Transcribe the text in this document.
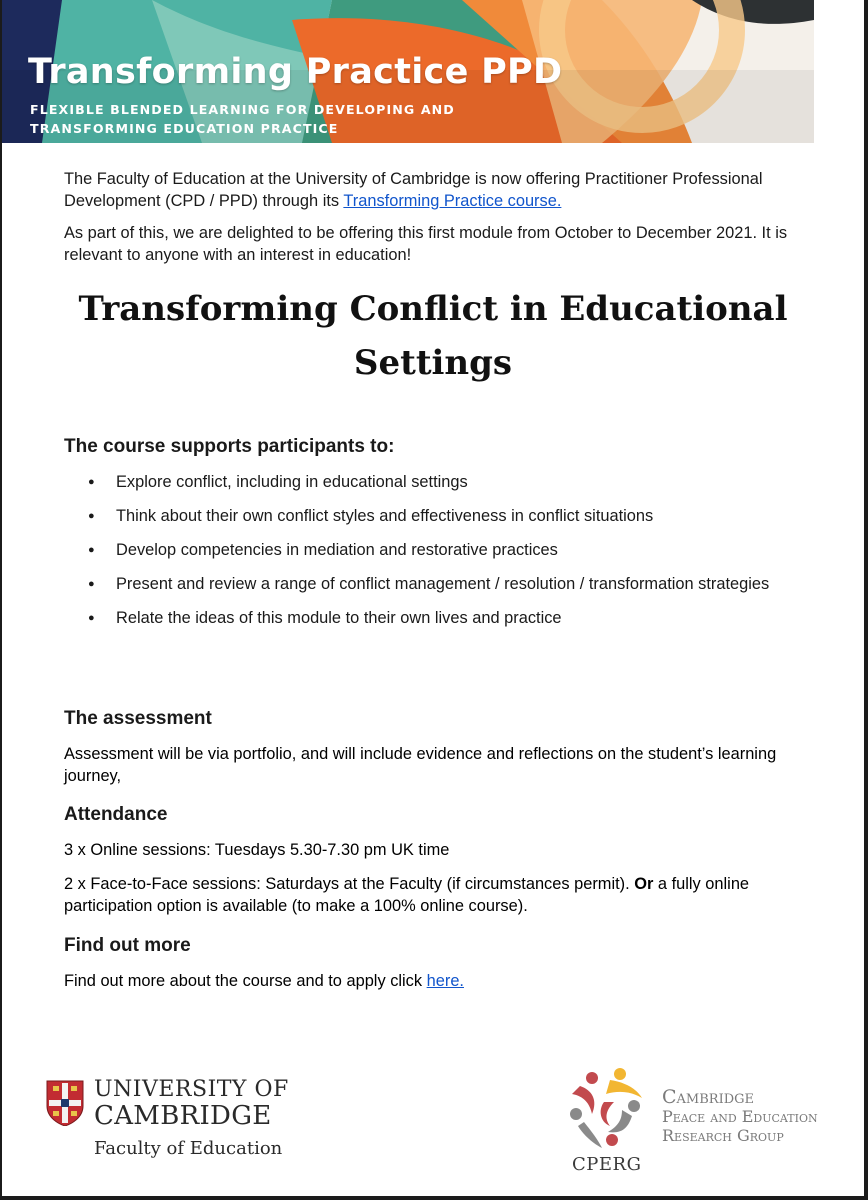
Transforming Practice PPD
FLEXIBLE BLENDED LEARNING FOR DEVELOPING AND
TRANSFORMING EDUCATION PRACTICE

The Faculty of Education at the University of Cambridge is now offering Practitioner Professional Development (CPD / PPD) through its Transforming Practice course.

As part of this, we are delighted to be offering this first module from October to December 2021. It is relevant to anyone with an interest in education!

Transforming Conflict in Educational
Settings
The course supports participants to:
● Explore conflict, including in educational settings
● Think about their own conflict styles and effectiveness in conflict situations
● Develop competencies in mediation and restorative practices
● Present and review a range of conflict management / resolution / transformation strategies
● Relate the ideas of this module to their own lives and practice
The assessment

Assessment will be via portfolio, and will include evidence and reflections on the student’s learning journey,

Attendance

3 x Online sessions: Tuesdays 5.30-7.30 pm UK time

2 x Face-to-Face sessions: Saturdays at the Faculty (if circumstances permit). Or a fully online participation option is available (to make a 100% online course).

Find out more

Find out more about the course and to apply click here.

UNIVERSITY OF
CAMBRIDGE
Faculty of Education
CPERG
Cambridge
Peace and Education
Research Group
